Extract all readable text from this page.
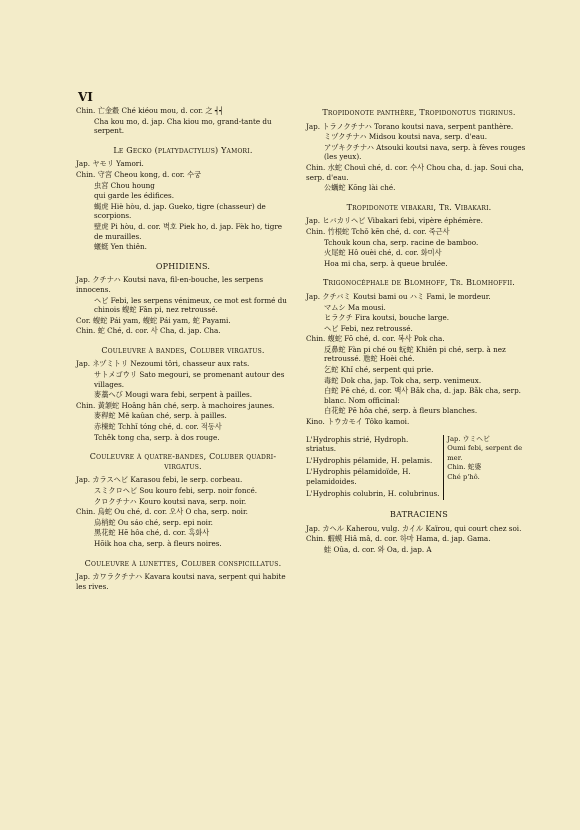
VI
Chin. 亡金縠 Ché kiéou mou, d. cor. 之 ┥┥
Cha kou mo, d. jap. Cha kiou mo, grand-tante du serpent.
Le Gecko (platydactylus) Yamori.
Jap. ヤモリ Yamori.
Chin. 守宮 Cheou kong, d. cor. 수궁
虫宮 Chou houng
qui garde les édifices.
蝎虎 Hiè hòu, d. jap. Gueko, tigre (chasseur) de scorpions.
壁虎 Pi hòu, d. cor. 벽호 Piek ho, d. jap. Fèk ho, tigre de murailles.
蝘蜓 Yen thiên.
OPHIDIENS.
Jap. クチナハ Koutsi nava, fil-en-bouche, les serpens innocens.
ヘビ Febi, les serpens vénimeux, ce mot est formé du chinois 蝮蛇 Fân pi, nez retroussé.
Cor. 蝮蛇 Pái yam, 蝮蛇 Pái yam, 蛇 Payami.
Chin. 蛇 Ché, d. cor. 사 Cha, d. jap. Cha.
Couleuvre à bandes, Coluber virgatus.
Jap. ネヅミトリ Nezoumi tôri, chasseur aux rats.
サトメゴウリ Sato megouri, se promenant autour des villages.
麥藁へび Mougi wara febi, serpent à pailles.
Chin. 黃頷蛇 Hoâng hân ché, serp. à machoires jaunes.
麥稈蛇 Mě kaûan ché, serp. à pailles.
赤楝蛇 Tchhǐ tóng ché, d. cor. 적동사
Tchěk tong cha, serp. à dos rouge.
Couleuvre à quatre-bandes, Coluber quadri-virgatus.
Jap. カラスヘビ Karasou febi, le serp. corbeau.
スミクロヘビ Sou kouro febi, serp. noir foncé.
クロクチナハ Kouro koutsi nava, serp. noir.
Chin. 烏蛇 Ou ché, d. cor. 오사 O cha, serp. noir.
烏梢蛇 Ou sáo ché, serp. epi noir.
黑花蛇 Hĕ hôa ché, d. cor. 흑화사
Hŏik hoa cha, serp. à fleurs noires.
Couleuvre à lunettes, Coluber conspicillatus.
Jap. カワラクチナハ Kavara koutsi nava, serpent qui habite les rives.
Tropidonote panthère, Tropidonotus tigrinus.
Jap. トラノクチナハ Torano koutsi nava, serpent panthère.
ミヅクチナハ Midsou koutsi nava, serp. d'eau.
アヅキクチナハ Atsouki koutsi nava, serp. à fèves rouges (les yeux).
Chin. 水蛇 Chouì ché, d. cor. 수사 Chou cha, d. jap. Soui cha, serp. d'eau.
公蠣蛇 Kōng lài ché.
Tropidonote vibakari, Tr. Vibakari.
Jap. ヒバカリヘビ Vibakari febi, vipère éphémère.
Chin. 竹根蛇 Tchǒ kēn ché, d. cor. 죽근사
Tchouk koun cha, serp. racine de bamboo.
火尾蛇 Hô ouèi ché, d. cor. 화미사
Hoa mi cha, serp. à queue brulée.
Trigonocéphale de Blomhoff, Tr. Blomhoffii.
Jap. クチバミ Koutsi bami ou ハミ Fami, le mordeur.
マムシ Ma mousi.
ヒラクチ Fira koutsi, bouche large.
ヘビ Febi, nez retroussé.
Chin. 蝮蛇 Fŏ ché, d. cor. 복사 Pok cha.
反鼻蛇 Fàn pi ché ou 蚖蛇 Khiên pi ché, serp. à nez retroussé. 虺蛇 Hoèi ché.
乞蛇 Khǐ ché, serpent qui prie.
毒蛇 Dok cha, jap. Tok cha, serp. venimeux.
白蛇 Pĕ ché, d. cor. 백사 Bǎk cha, d. jap. Bǎk cha, serp. blanc. Nom officinal:
白花蛇 Pĕ hôa ché, serp. à fleurs blanches.
Kino. トウカモイ Tôko kamoi.
L'Hydrophis strié, Hydroph. striatus.
L'Hydrophis pélamide, H. pelamis.
L'Hydrophis pélamidoïde, H. pelamidoides.
L'Hydrophis colubrin, H. colubrinus.
Jap. ウミヘビ
Oumi febi, serpent de mer.
Chin. 蛇婆
Ché p'hô.
BATRACIENS
Jap. カヘル Kaherou, vulg. カイル Kaïrou, qui court chez soi.
Chin. 蝦蟆 Hiâ mâ, d. cor. 하마 Hama, d. jap. Gama.
蛙 Oûa, d. cor. 와 Oa, d. jap. A
